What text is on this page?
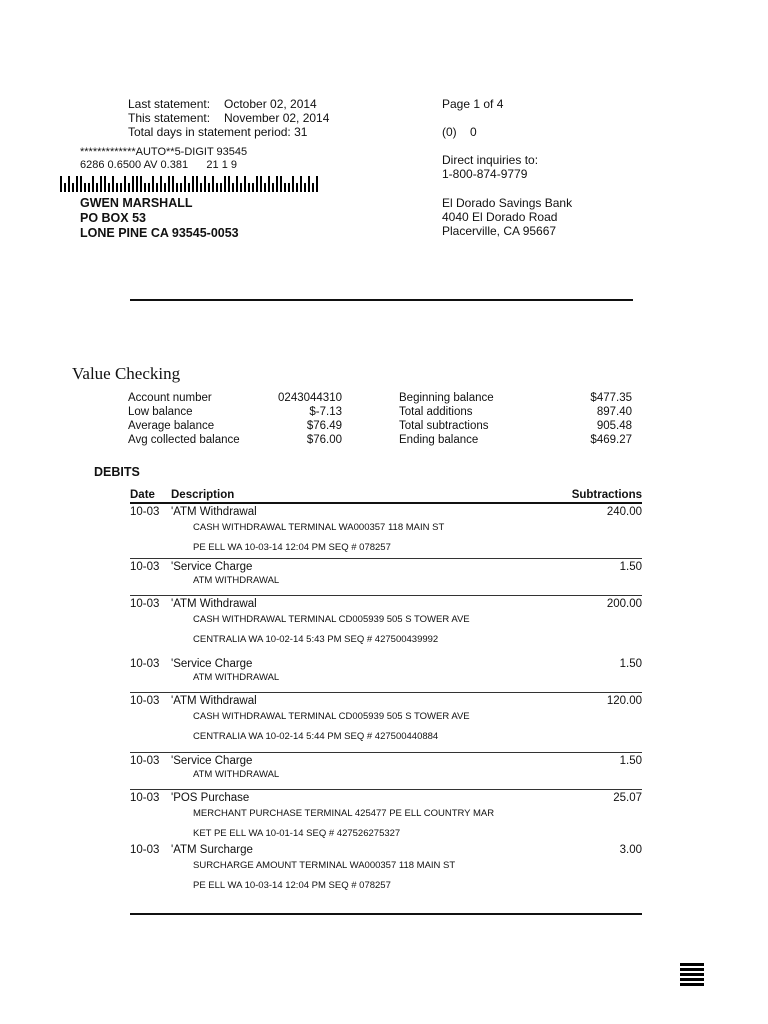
Last statement: October 02, 2014
This statement: November 02, 2014
Total days in statement period: 31
Page 1 of 4
(0)    0
Direct inquiries to:
1-800-874-9779
*************AUTO**5-DIGIT 93545
6286 0.6500 AV 0.381      21 1 9
GWEN MARSHALL
PO BOX 53
LONE PINE CA 93545-0053
El Dorado Savings Bank
4040 El Dorado Road
Placerville, CA 95667
Value Checking
Account number	0243044310
Low balance	$-7.13
Average balance	$76.49
Avg collected balance	$76.00
Beginning balance	$477.35
Total additions	897.40
Total subtractions	905.48
Ending balance	$469.27
DEBITS
Date	Description	Subtractions
10-03	'ATM Withdrawal	240.00
CASH WITHDRAWAL TERMINAL WA000357 118 MAIN ST
PE ELL WA 10-03-14 12:04 PM SEQ # 078257
10-03	'Service Charge	1.50
ATM WITHDRAWAL
10-03	'ATM Withdrawal	200.00
CASH WITHDRAWAL TERMINAL CD005939 505 S TOWER AVE
CENTRALIA WA 10-02-14 5:43 PM SEQ # 427500439992
10-03	'Service Charge	1.50
ATM WITHDRAWAL
10-03	'ATM Withdrawal	120.00
CASH WITHDRAWAL TERMINAL CD005939 505 S TOWER AVE
CENTRALIA WA 10-02-14 5:44 PM SEQ # 427500440884
10-03	'Service Charge	1.50
ATM WITHDRAWAL
10-03	'POS Purchase	25.07
MERCHANT PURCHASE TERMINAL 425477 PE ELL COUNTRY MAR
KET PE ELL WA 10-01-14 SEQ # 427526275327
10-03	'ATM Surcharge	3.00
SURCHARGE AMOUNT TERMINAL WA000357 118 MAIN ST
PE ELL WA 10-03-14 12:04 PM SEQ # 078257
